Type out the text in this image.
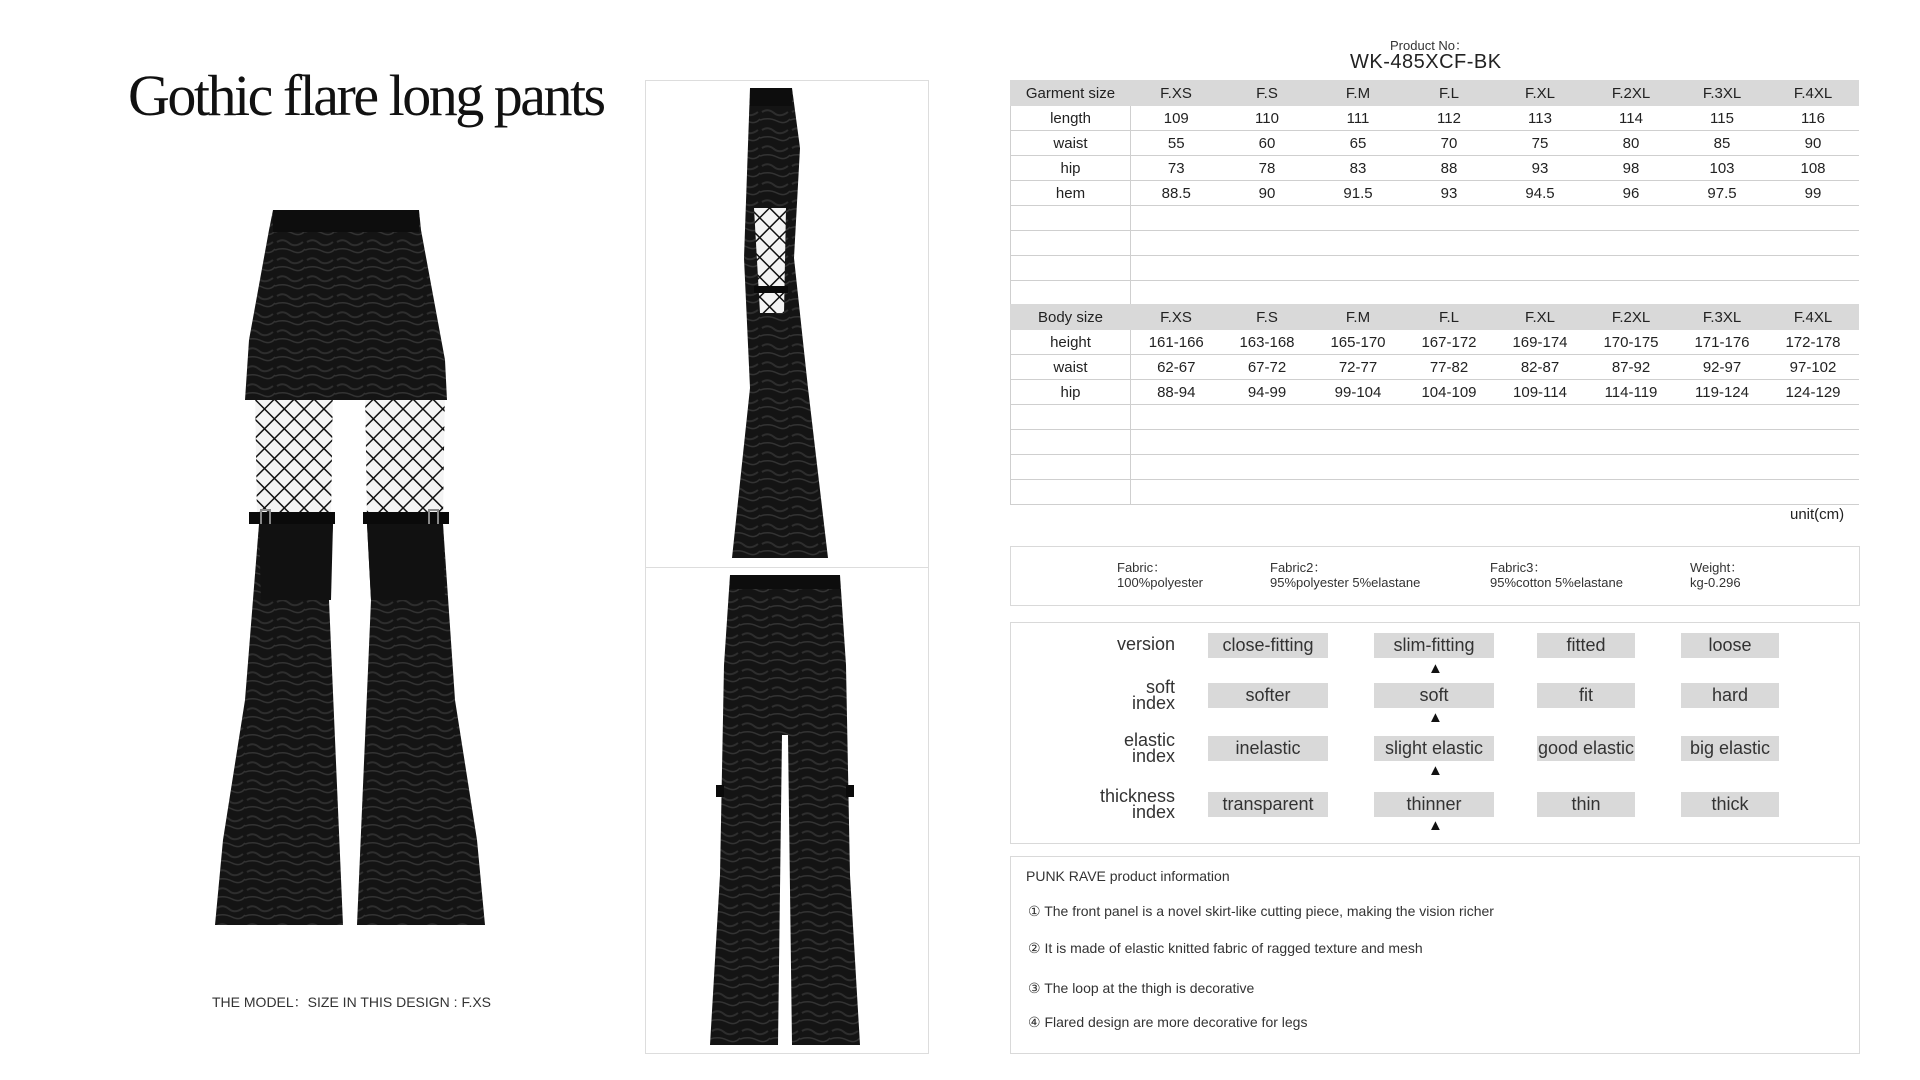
Gothic flare long pants
THE MODEL：SIZE IN THIS DESIGN : F.XS
Product No：
WK-485XCF-BK
Garment size	F.XS	F.S	F.M	F.L	F.XL	F.2XL	F.3XL	F.4XL
length	109	110	111	112	113	114	115	116
waist	55	60	65	70	75	80	85	90
hip	73	78	83	88	93	98	103	108
hem	88.5	90	91.5	93	94.5	96	97.5	99

Body size	F.XS	F.S	F.M	F.L	F.XL	F.2XL	F.3XL	F.4XL
height	161-166	163-168	165-170	167-172	169-174	170-175	171-176	172-178
waist	62-67	67-72	72-77	77-82	82-87	87-92	92-97	97-102
hip	88-94	94-99	99-104	104-109	109-114	114-119	119-124	124-129

unit(cm)
Fabric：
100%polyester
Fabric2：
95%polyester 5%elastane
Fabric3：
95%cotton 5%elastane
Weight：
kg-0.296
version	close-fitting	slim-fitting	fitted	loose
▲
soft
index	softer	soft	fit	hard
▲
elastic
index	inelastic	slight elastic	good elastic	big elastic
▲
thickness
index	transparent	thinner	thin	thick
▲
PUNK RAVE product information
① The front panel is a novel skirt-like cutting piece, making the vision richer
② It is made of elastic knitted fabric of ragged texture and mesh
③ The loop at the thigh is decorative
④ Flared design are more decorative for legs
